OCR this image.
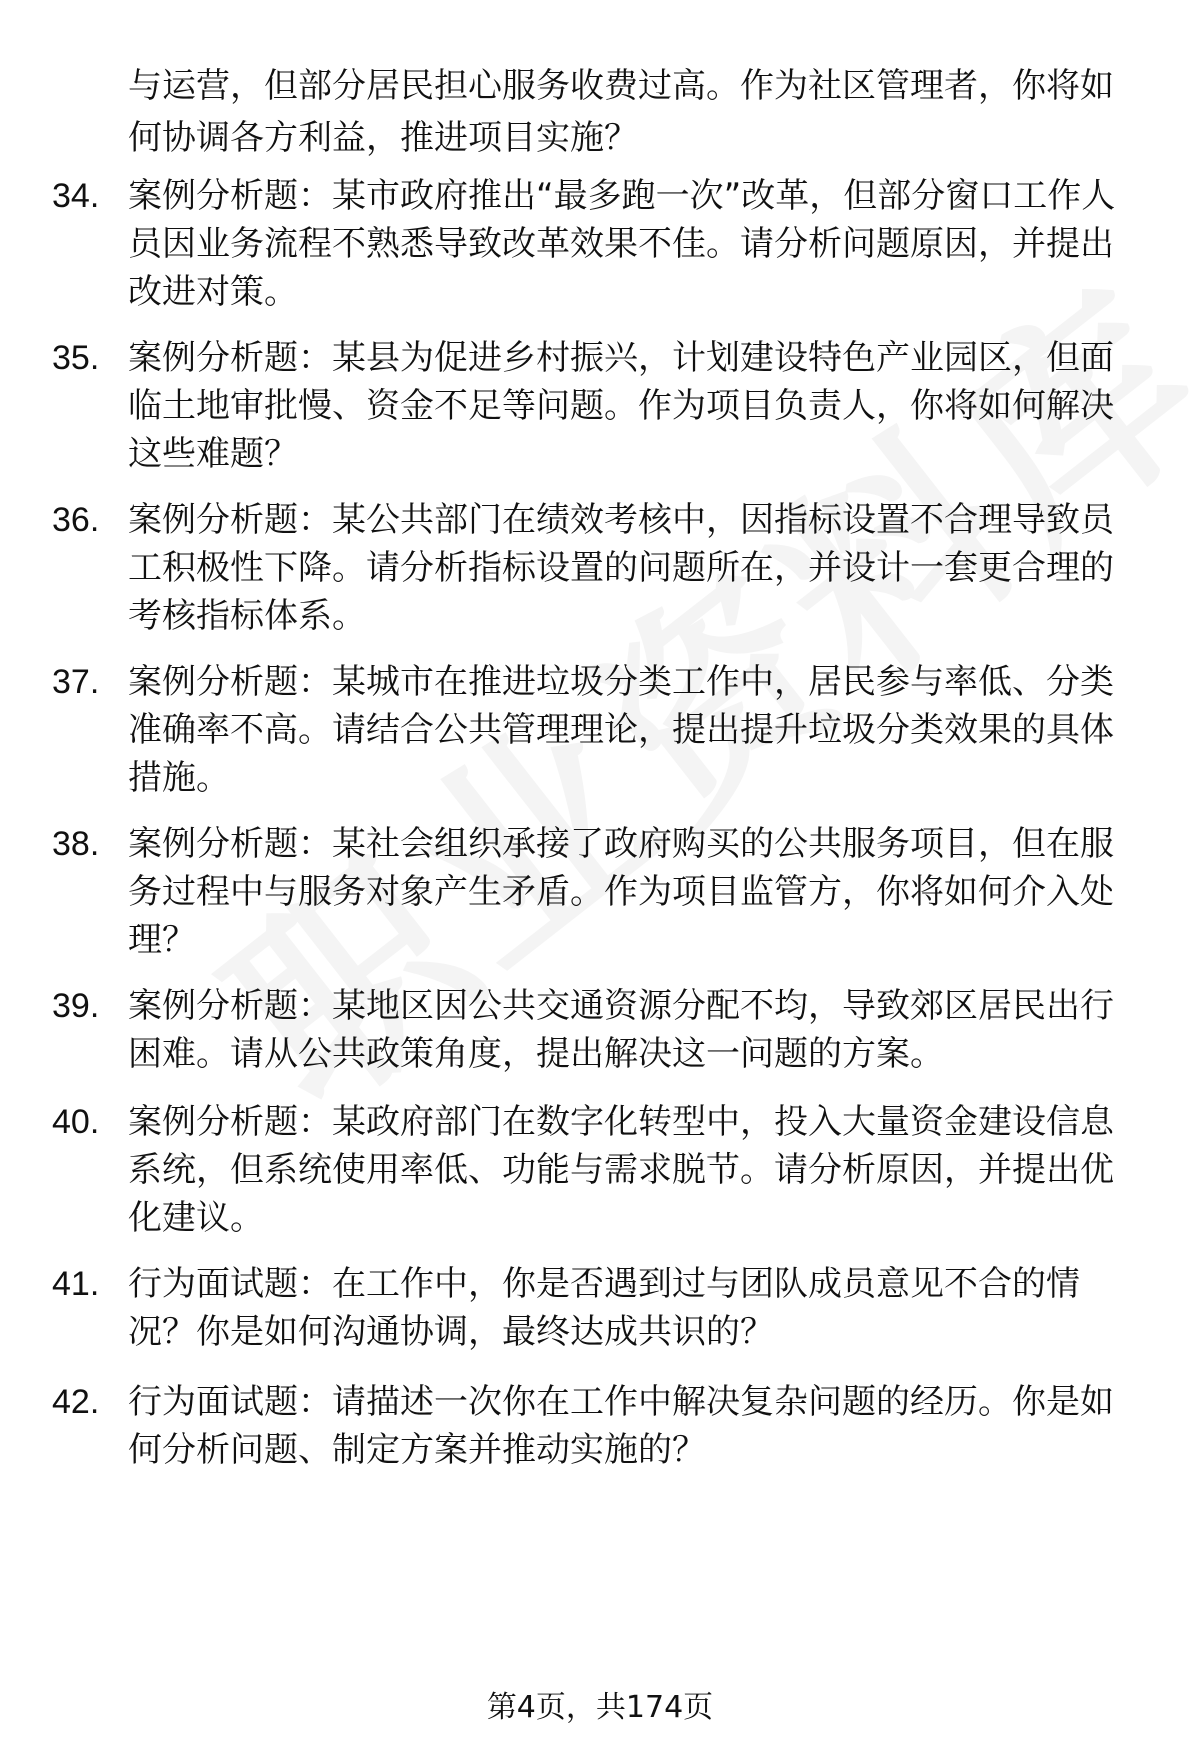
与运营，但部分居民担心服务收费过高。作为社区管理者，你将如何协调各方利益，推进项目实施？
34. 案例分析题：某市政府推出“最多跑一次”改革，但部分窗口工作人员因业务流程不熟悉导致改革效果不佳。请分析问题原因，并提出改进对策。
35. 案例分析题：某县为促进乡村振兴，计划建设特色产业园区，但面临土地审批慢、资金不足等问题。作为项目负责人，你将如何解决这些难题？
36. 案例分析题：某公共部门在绩效考核中，因指标设置不合理导致员工积极性下降。请分析指标设置的问题所在，并设计一套更合理的考核指标体系。
37. 案例分析题：某城市在推进垃圾分类工作中，居民参与率低、分类准确率不高。请结合公共管理理论，提出提升垃圾分类效果的具体措施。
38. 案例分析题：某社会组织承接了政府购买的公共服务项目，但在服务过程中与服务对象产生矛盾。作为项目监管方，你将如何介入处理？
39. 案例分析题：某地区因公共交通资源分配不均，导致郊区居民出行困难。请从公共政策角度，提出解决这一问题的方案。
40. 案例分析题：某政府部门在数字化转型中，投入大量资金建设信息系统，但系统使用率低、功能与需求脱节。请分析原因，并提出优化建议。
41. 行为面试题：在工作中，你是否遇到过与团队成员意见不合的情况？你是如何沟通协调，最终达成共识的？
42. 行为面试题：请描述一次你在工作中解决复杂问题的经历。你是如何分析问题、制定方案并推动实施的？
第4页，共174页
